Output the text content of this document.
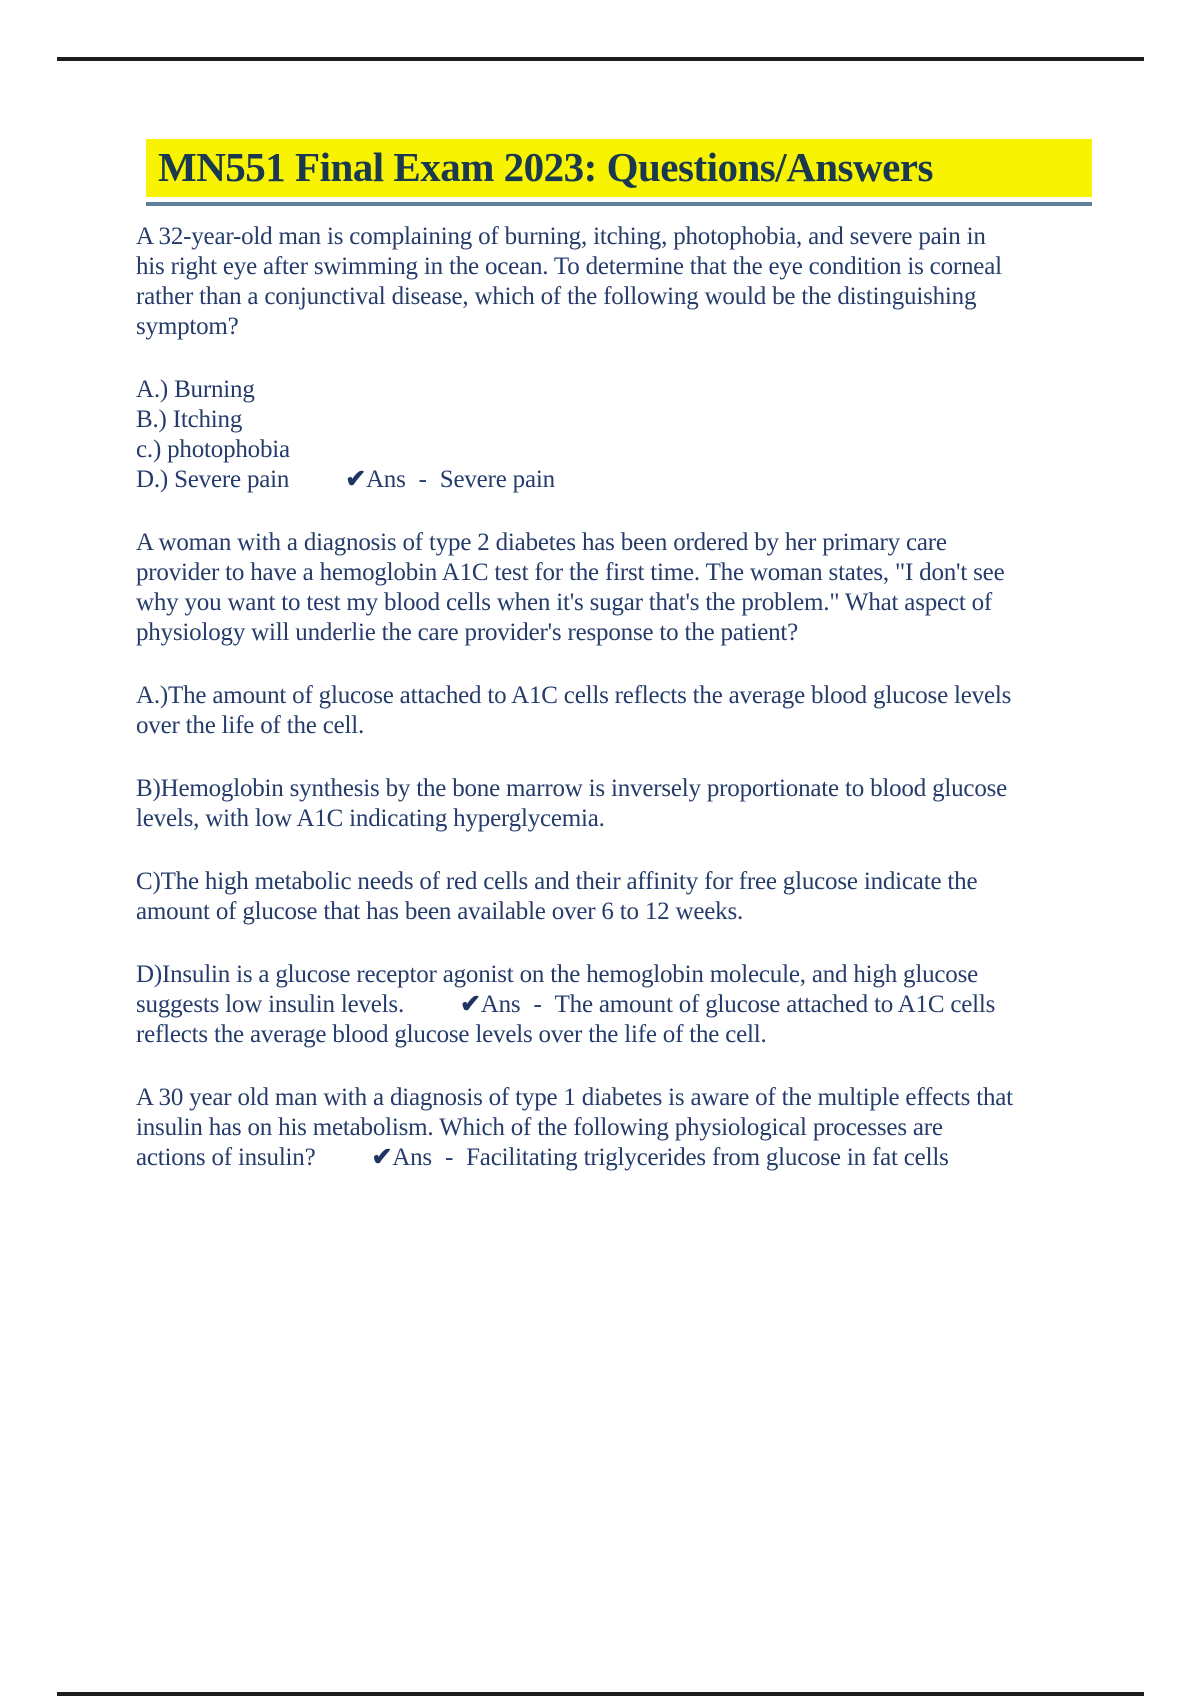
MN551 Final Exam 2023: Questions/Answers

A 32-year-old man is complaining of burning, itching, photophobia, and severe pain in his right eye after swimming in the ocean. To determine that the eye condition is corneal rather than a conjunctival disease, which of the following would be the distinguishing symptom?

A.) Burning
B.) Itching
c.) photophobia
D.) Severe pain ✔Ans - Severe pain

A woman with a diagnosis of type 2 diabetes has been ordered by her primary care provider to have a hemoglobin A1C test for the first time. The woman states, "I don't see why you want to test my blood cells when it's sugar that's the problem." What aspect of physiology will underlie the care provider's response to the patient?

A.)The amount of glucose attached to A1C cells reflects the average blood glucose levels over the life of the cell.

B)Hemoglobin synthesis by the bone marrow is inversely proportionate to blood glucose levels, with low A1C indicating hyperglycemia.

C)The high metabolic needs of red cells and their affinity for free glucose indicate the amount of glucose that has been available over 6 to 12 weeks.

D)Insulin is a glucose receptor agonist on the hemoglobin molecule, and high glucose suggests low insulin levels. ✔Ans - The amount of glucose attached to A1C cells reflects the average blood glucose levels over the life of the cell.

A 30 year old man with a diagnosis of type 1 diabetes is aware of the multiple effects that insulin has on his metabolism. Which of the following physiological processes are actions of insulin? ✔Ans - Facilitating triglycerides from glucose in fat cells
